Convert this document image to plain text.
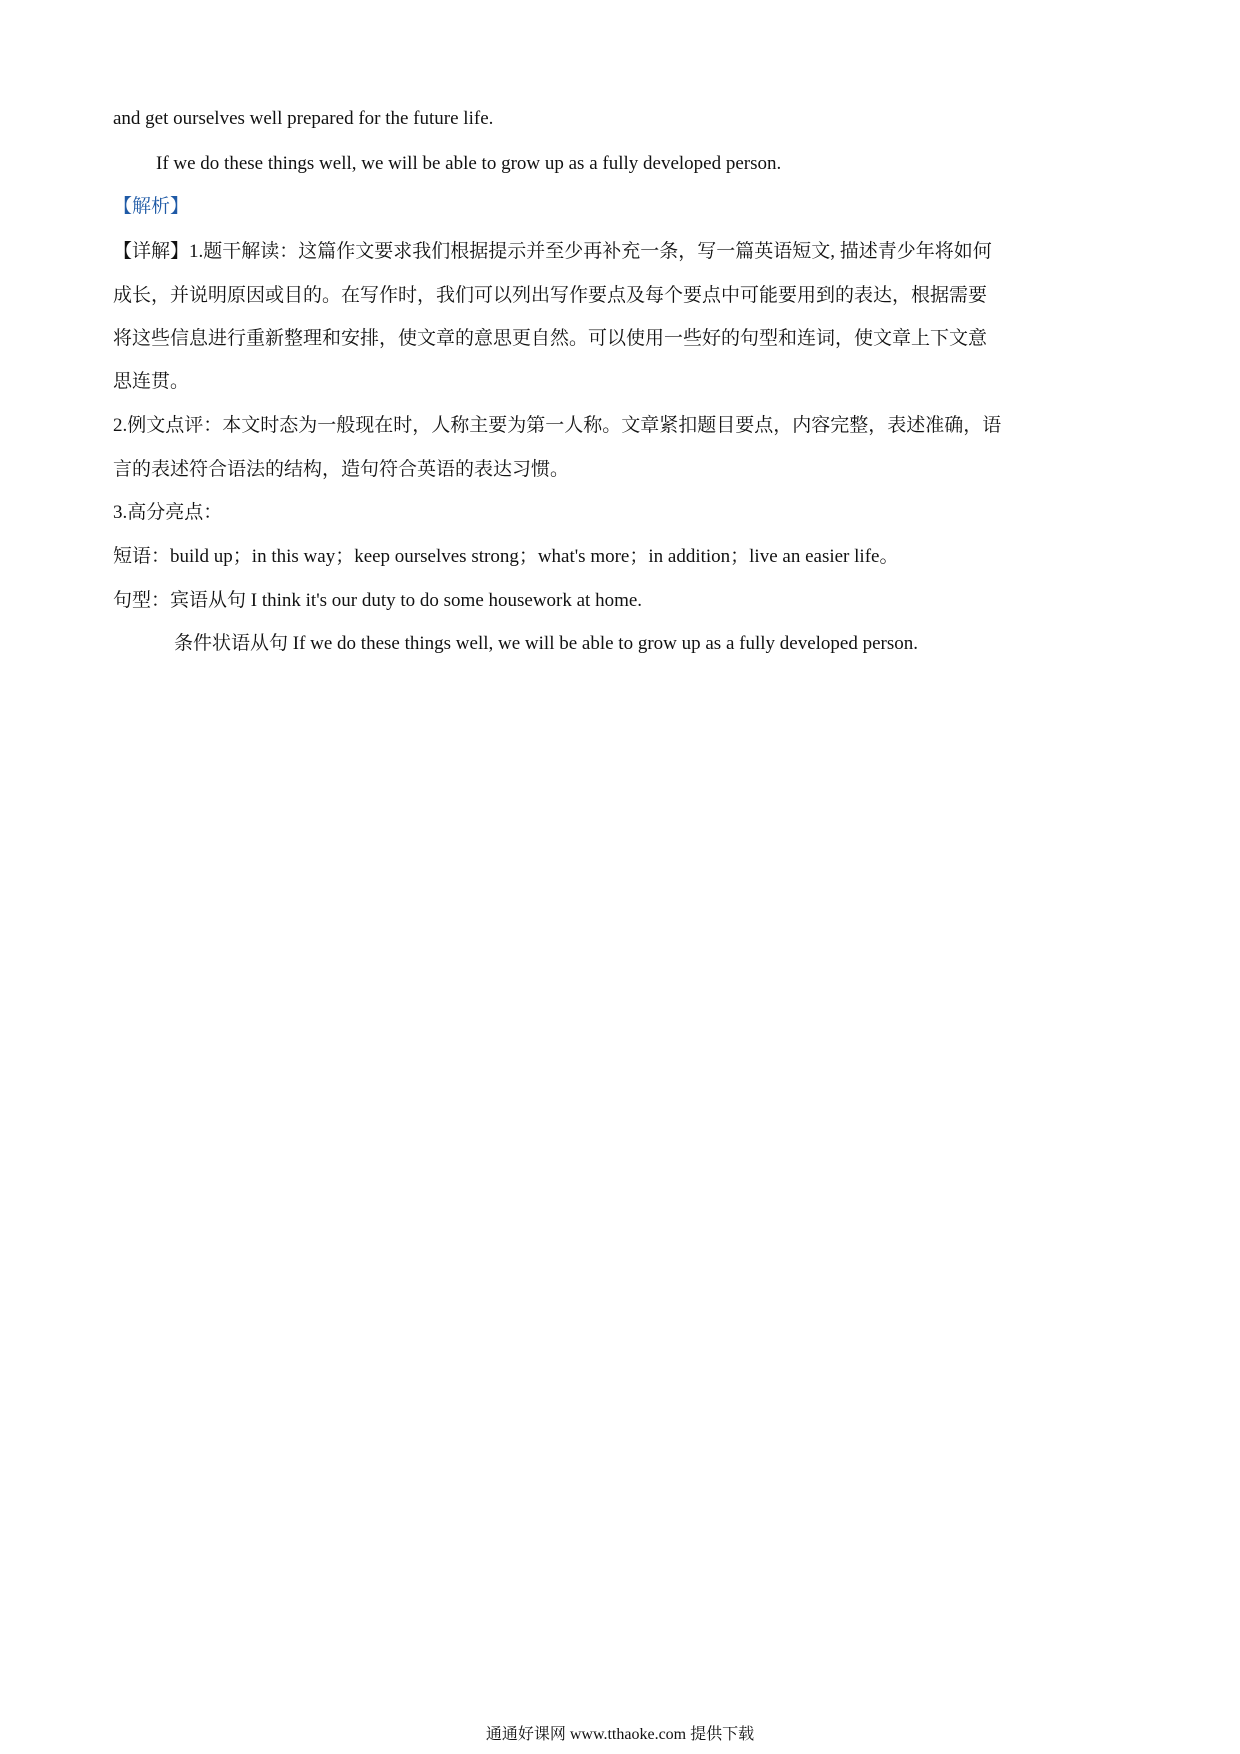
and get ourselves well prepared for the future life.
If we do these things well, we will be able to grow up as a fully developed person.
【解析】
【详解】1.题干解读：这篇作文要求我们根据提示并至少再补充一条，写一篇英语短文, 描述青少年将如何
成长，并说明原因或目的。在写作时，我们可以列出写作要点及每个要点中可能要用到的表达，根据需要
将这些信息进行重新整理和安排，使文章的意思更自然。可以使用一些好的句型和连词，使文章上下文意
思连贯。
2.例文点评：本文时态为一般现在时，人称主要为第一人称。文章紧扣题目要点，内容完整，表述准确，语
言的表述符合语法的结构，造句符合英语的表达习惯。
3.高分亮点：
短语：build up；in this way；keep ourselves strong；what's more；in addition；live an easier life。
句型：宾语从句 I think it's our duty to do some housework at home.
条件状语从句 If we do these things well, we will be able to grow up as a fully developed person.
通通好课网 www.tthaoke.com 提供下载
